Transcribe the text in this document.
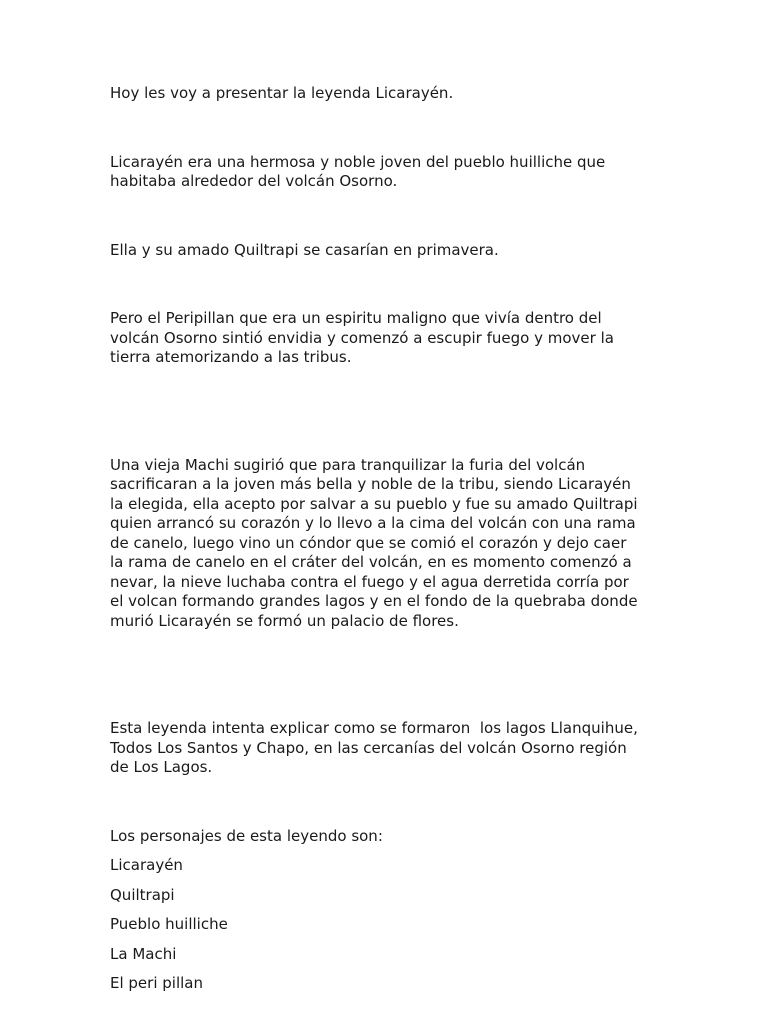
Hoy les voy a presentar la leyenda Licarayén.

Licarayén era una hermosa y noble joven del pueblo huilliche que
habitaba alrededor del volcán Osorno.

Ella y su amado Quiltrapi se casarían en primavera.

Pero el Peripillan que era un espiritu maligno que vivía dentro del
volcán Osorno sintió envidia y comenzó a escupir fuego y mover la
tierra atemorizando a las tribus.

Una vieja Machi sugirió que para tranquilizar la furia del volcán
sacrificaran a la joven más bella y noble de la tribu, siendo Licarayén
la elegida, ella acepto por salvar a su pueblo y fue su amado Quiltrapi
quien arrancó su corazón y lo llevo a la cima del volcán con una rama
de canelo, luego vino un cóndor que se comió el corazón y dejo caer
la rama de canelo en el cráter del volcán, en es momento comenzó a
nevar, la nieve luchaba contra el fuego y el agua derretida corría por
el volcan formando grandes lagos y en el fondo de la quebraba donde
murió Licarayén se formó un palacio de flores.

Esta leyenda intenta explicar como se formaron  los lagos Llanquihue,
Todos Los Santos y Chapo, en las cercanías del volcán Osorno región
de Los Lagos.

Los personajes de esta leyendo son:

Licarayén

Quiltrapi

Pueblo huilliche

La Machi

El peri pillan
